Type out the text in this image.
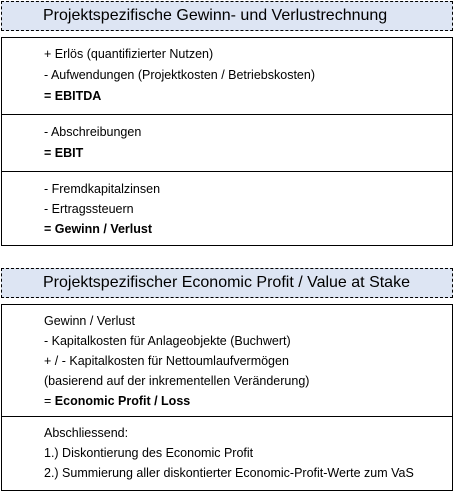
Projektspezifische Gewinn- und Verlustrechnung
+ Erlös (quantifizierter Nutzen)
- Aufwendungen (Projektkosten / Betriebskosten)
= EBITDA
- Abschreibungen
= EBIT
- Fremdkapitalzinsen
- Ertragssteuern
= Gewinn / Verlust
Projektspezifischer Economic Profit / Value at Stake
Gewinn / Verlust
- Kapitalkosten für Anlageobjekte (Buchwert)
+ / - Kapitalkosten für Nettoumlaufvermögen
(basierend auf der inkrementellen Veränderung)
= Economic Profit / Loss
Abschliessend:
1.) Diskontierung des Economic Profit
2.) Summierung aller diskontierter Economic-Profit-Werte zum VaS
